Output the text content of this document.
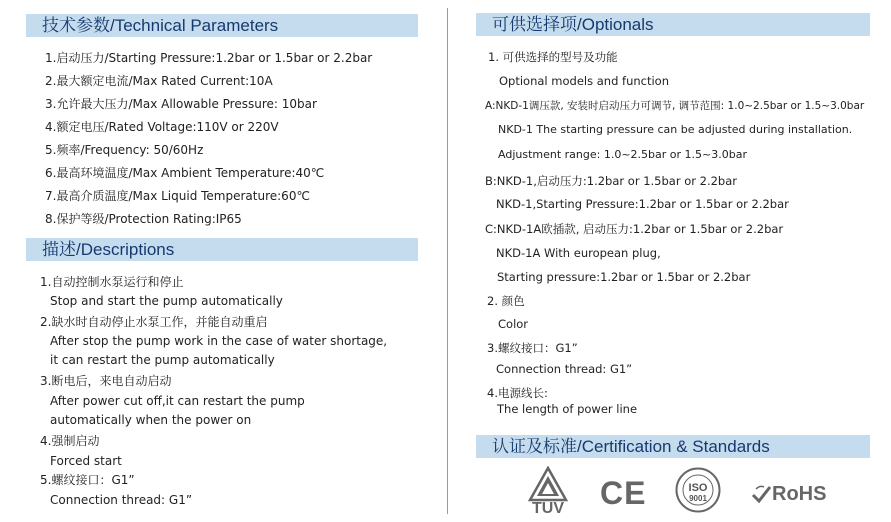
技术参数/Technical Parameters
1.启动压力/Starting Pressure:1.2bar or 1.5bar or 2.2bar
2.最大额定电流/Max Rated Current:10A
3.允许最大压力/Max Allowable Pressure: 10bar
4.额定电压/Rated Voltage:110V or 220V
5.频率/Frequency: 50/60Hz
6.最高环境温度/Max Ambient Temperature:40℃
7.最高介质温度/Max Liquid Temperature:60℃
8.保护等级/Protection Rating:IP65
描述/Descriptions
1.自动控制水泵运行和停止
Stop and start the pump automatically
2.缺水时自动停止水泵工作，并能自动重启
After stop the pump work in the case of water shortage,
it can restart the pump automatically
3.断电后，来电自动启动
After power cut off,it can restart the pump
automatically when the power on
4.强制启动
Forced start
5.螺纹接口：G1”
Connection thread: G1”
可供选择项/Optionals
1. 可供选择的型号及功能
Optional models and function
A:NKD-1调压款, 安装时启动压力可调节, 调节范围: 1.0~2.5bar or 1.5~3.0bar
NKD-1 The starting pressure can be adjusted during installation.
Adjustment range: 1.0~2.5bar or 1.5~3.0bar
B:NKD-1,启动压力:1.2bar or 1.5bar or 2.2bar
NKD-1,Starting Pressure:1.2bar or 1.5bar or 2.2bar
C:NKD-1A欧插款, 启动压力:1.2bar or 1.5bar or 2.2bar
NKD-1A With european plug,
Starting pressure:1.2bar or 1.5bar or 2.2bar
2. 颜色
Color
3.螺纹接口：G1”
Connection thread: G1”
4.电源线长:
The length of power line
认证及标准/Certification & Standards
TÜV CE	ISO
9001	RoHS
